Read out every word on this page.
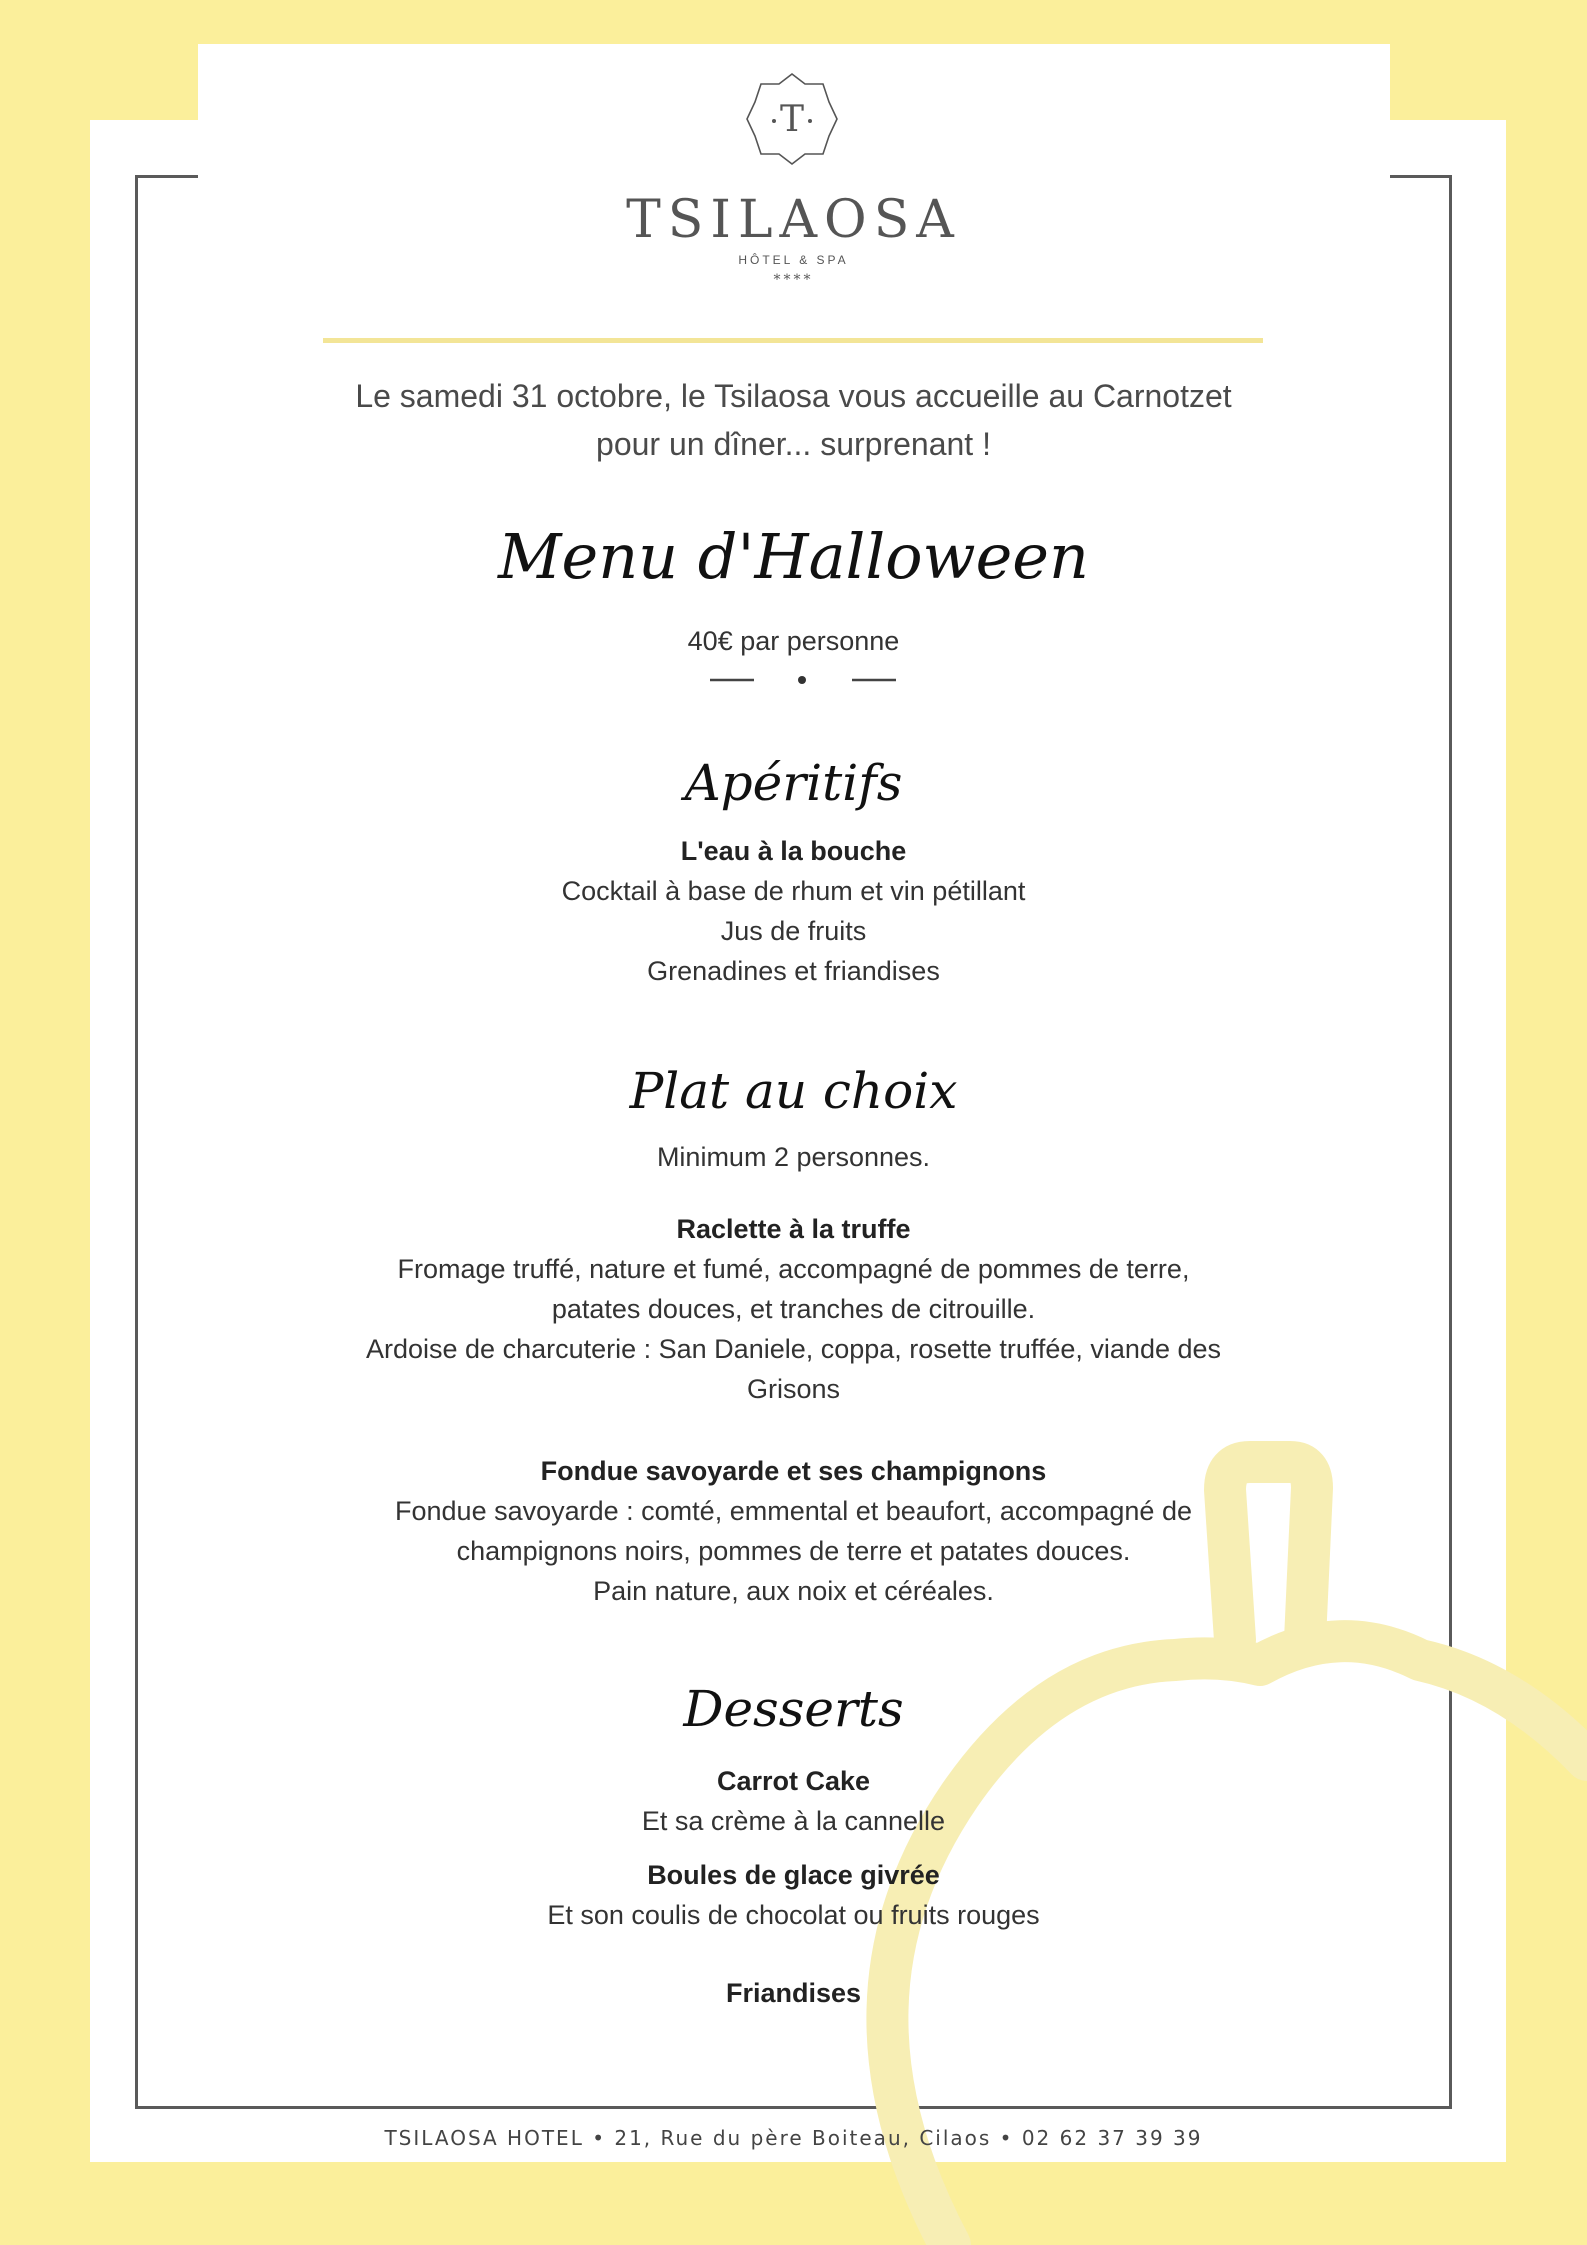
T
TSILAOSA
HÔTEL & SPA
****
Le samedi 31 octobre, le Tsilaosa vous accueille au Carnotzet
pour un dîner... surprenant !
Menu d'Halloween
40€ par personne
Apéritifs
L'eau à la bouche
Cocktail à base de rhum et vin pétillant
Jus de fruits
Grenadines et friandises
Plat au choix
Minimum 2 personnes.
Raclette à la truffe
Fromage truffé, nature et fumé, accompagné de pommes de terre,
patates douces, et tranches de citrouille.
Ardoise de charcuterie : San Daniele, coppa, rosette truffée, viande des
Grisons
Fondue savoyarde et ses champignons
Fondue savoyarde : comté, emmental et beaufort, accompagné de
champignons noirs, pommes de terre et patates douces.
Pain nature, aux noix et céréales.
Desserts
Carrot Cake
Et sa crème à la cannelle
Boules de glace givrée
Et son coulis de chocolat ou fruits rouges
Friandises
TSILAOSA HOTEL • 21, Rue du père Boiteau, Cilaos • 02 62 37 39 39
